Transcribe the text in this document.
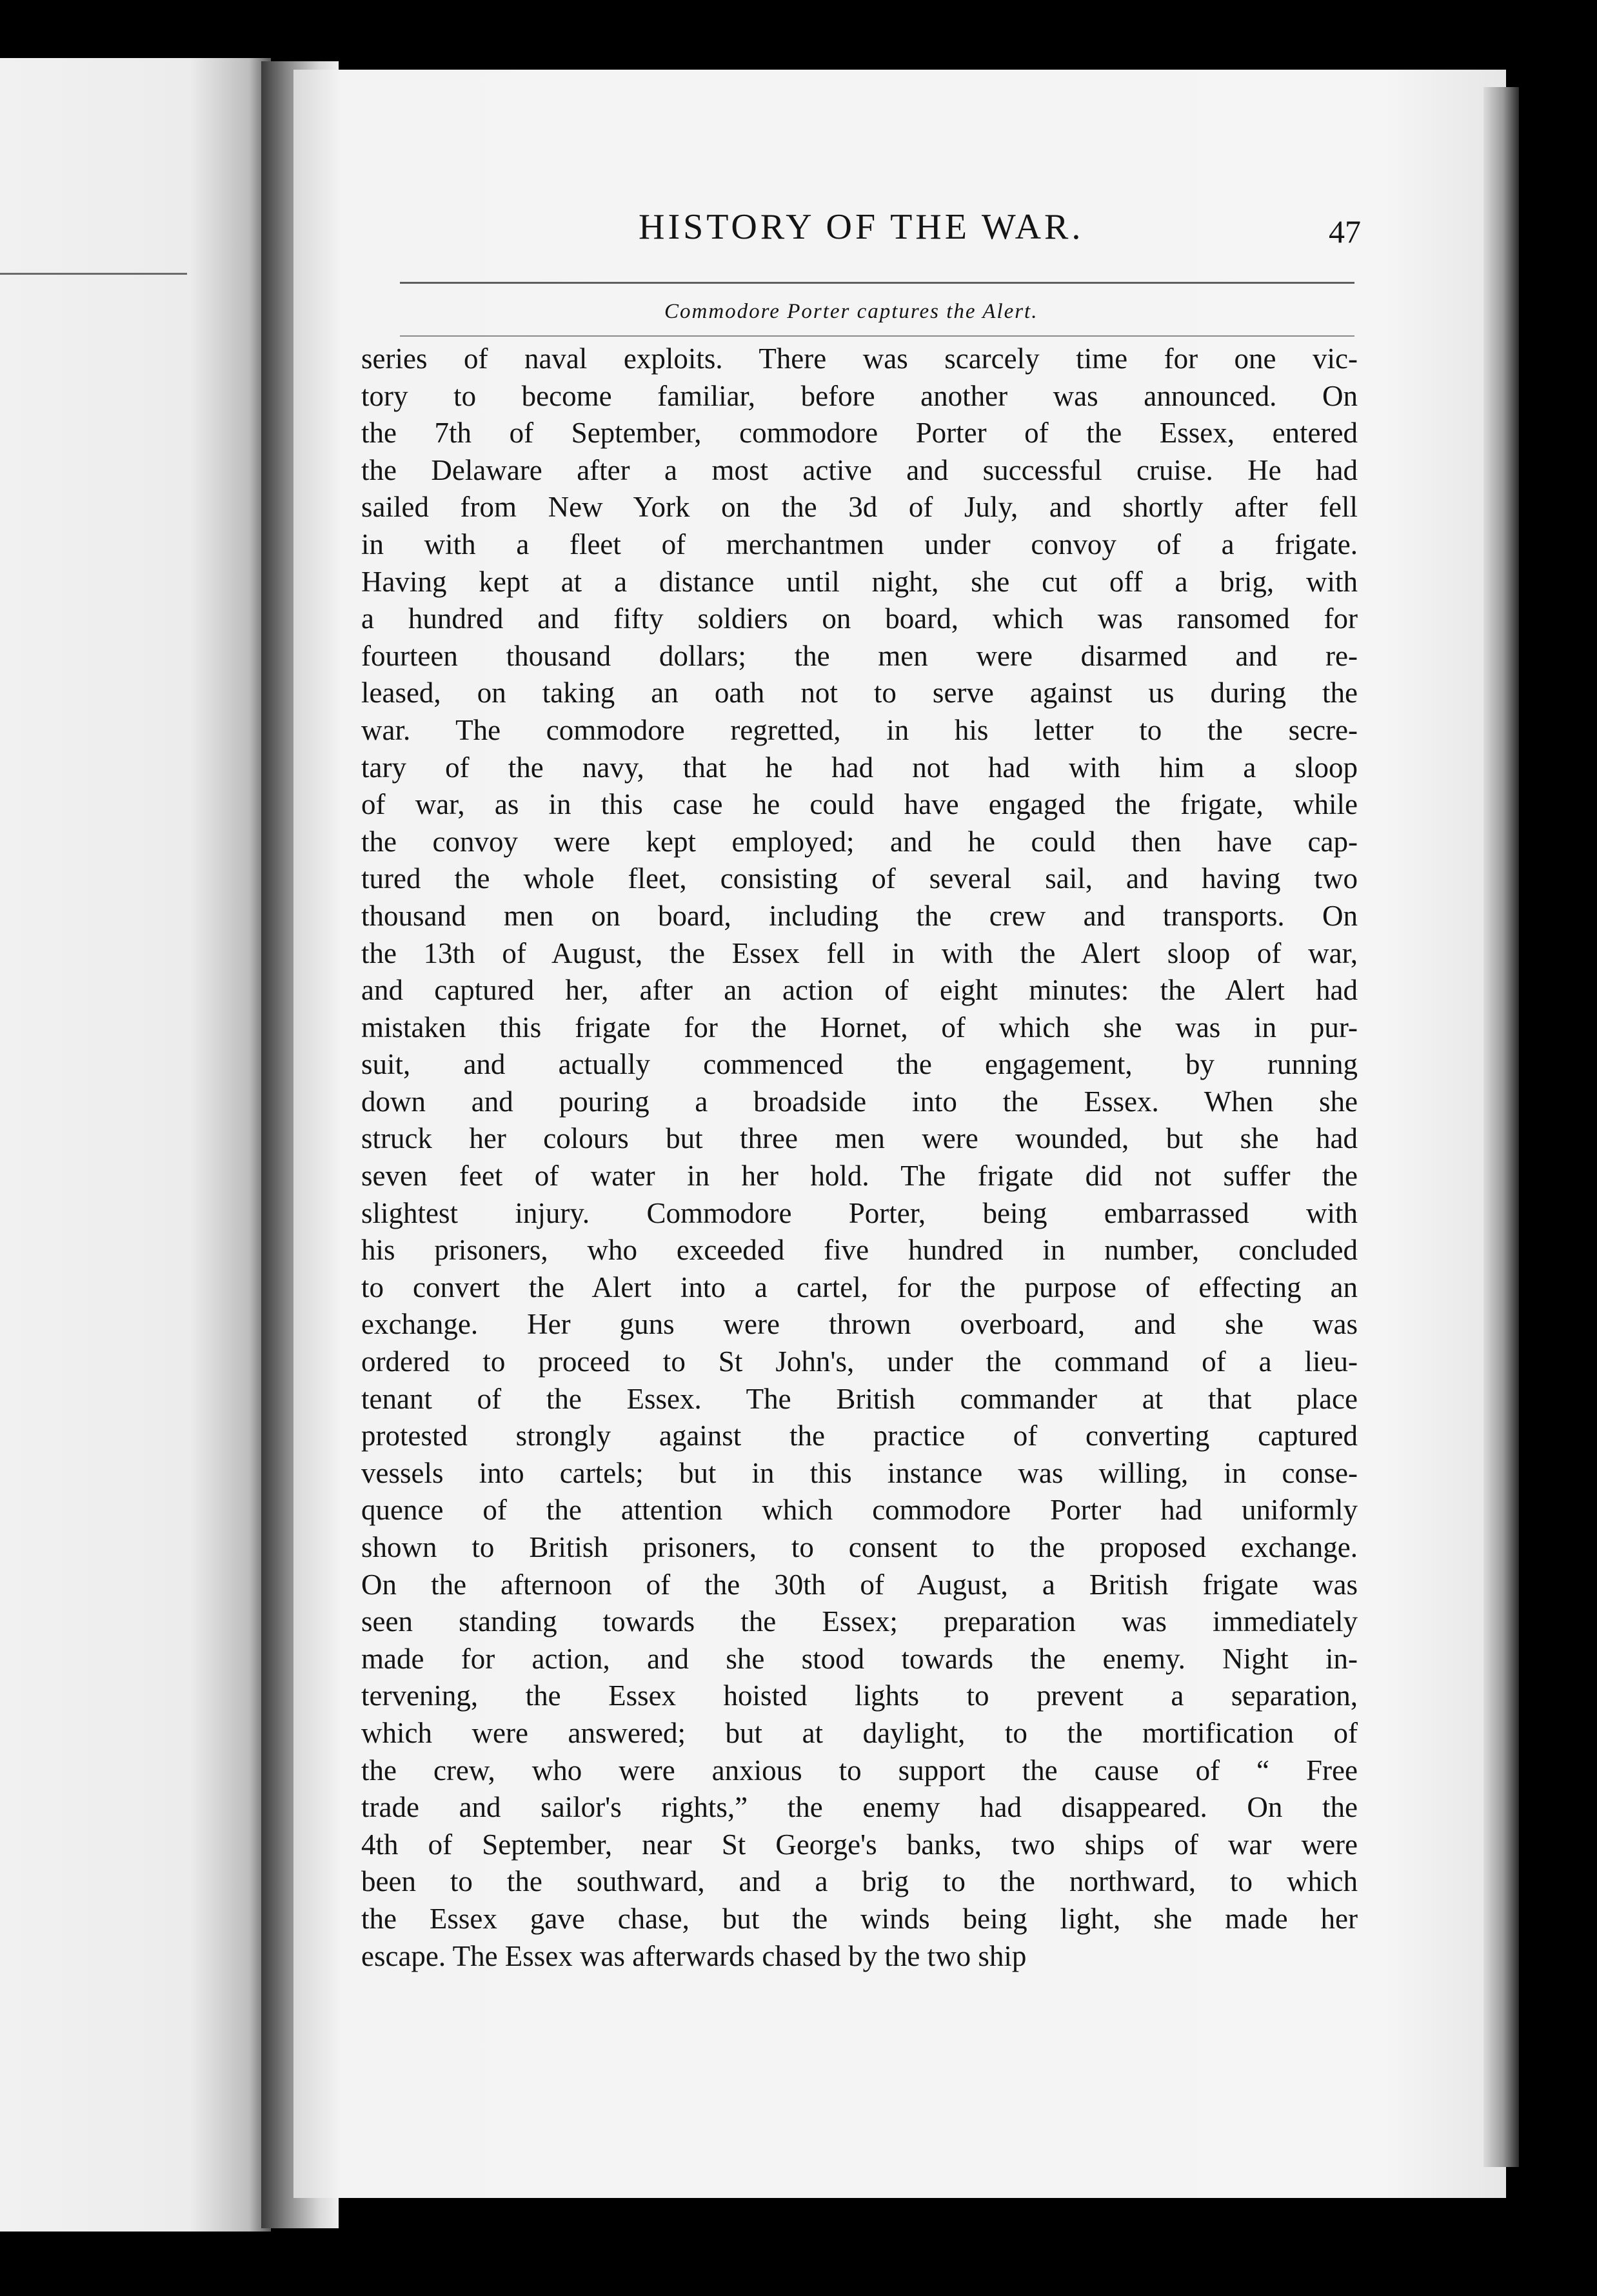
HISTORY OF THE WAR.	47
Commodore Porter captures the Alert.
series of naval exploits. There was scarcely time for one vic-
tory to become familiar, before another was announced. On
the 7th of September, commodore Porter of the Essex, entered
the Delaware after a most active and successful cruise. He had
sailed from New York on the 3d of July, and shortly after fell
in with a fleet of merchantmen under convoy of a frigate.
Having kept at a distance until night, she cut off a brig, with
a hundred and fifty soldiers on board, which was ransomed for
fourteen thousand dollars; the men were disarmed and re-
leased, on taking an oath not to serve against us during the
war. The commodore regretted, in his letter to the secre-
tary of the navy, that he had not had with him a sloop
of war, as in this case he could have engaged the frigate, while
the convoy were kept employed; and he could then have cap-
tured the whole fleet, consisting of several sail, and having two
thousand men on board, including the crew and transports. On
the 13th of August, the Essex fell in with the Alert sloop of war,
and captured her, after an action of eight minutes: the Alert had
mistaken this frigate for the Hornet, of which she was in pur-
suit, and actually commenced the engagement, by running
down and pouring a broadside into the Essex. When she
struck her colours but three men were wounded, but she had
seven feet of water in her hold. The frigate did not suffer the
slightest injury. Commodore Porter, being embarrassed with
his prisoners, who exceeded five hundred in number, concluded
to convert the Alert into a cartel, for the purpose of effecting an
exchange. Her guns were thrown overboard, and she was
ordered to proceed to St John's, under the command of a lieu-
tenant of the Essex. The British commander at that place
protested strongly against the practice of converting captured
vessels into cartels; but in this instance was willing, in conse-
quence of the attention which commodore Porter had uniformly
shown to British prisoners, to consent to the proposed exchange.
On the afternoon of the 30th of August, a British frigate was
seen standing towards the Essex; preparation was immediately
made for action, and she stood towards the enemy. Night in-
tervening, the Essex hoisted lights to prevent a separation,
which were answered; but at daylight, to the mortification of
the crew, who were anxious to support the cause of “ Free
trade and sailor's rights,” the enemy had disappeared. On the
4th of September, near St George's banks, two ships of war were
been to the southward, and a brig to the northward, to which
the Essex gave chase, but the winds being light, she made her
escape. The Essex was afterwards chased by the two ship
